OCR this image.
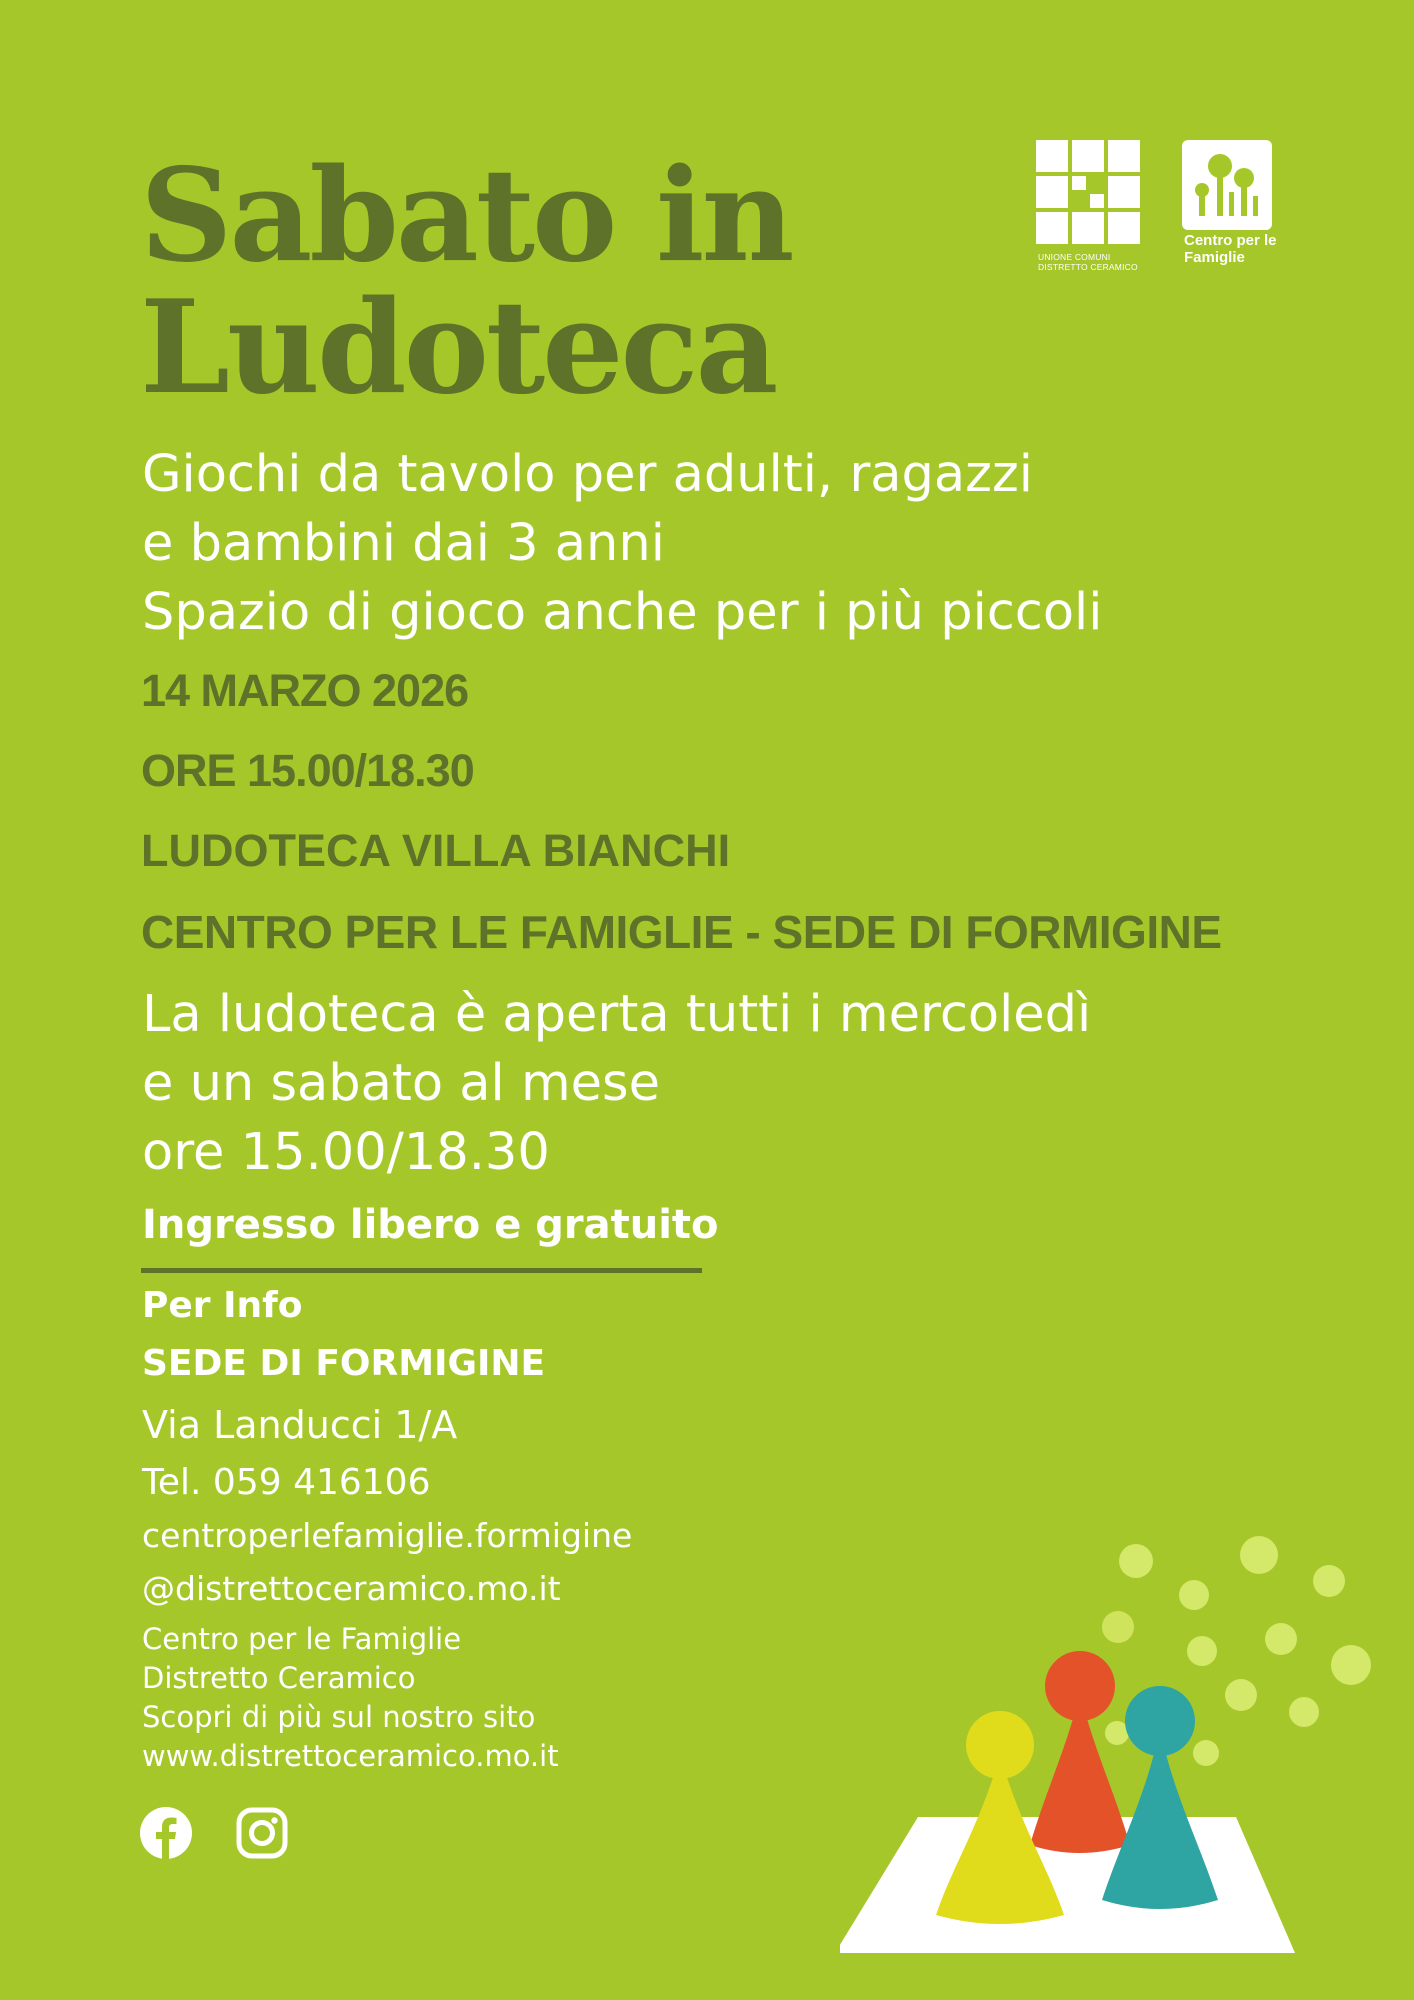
Sabato in
Ludoteca
UNIONE COMUNI
DISTRETTO CERAMICO
Centro per le
Famiglie
Giochi da tavolo per adulti, ragazzi
e bambini dai 3 anni
Spazio di gioco anche per i più piccoli
14 MARZO 2026
ORE 15.00/18.30
LUDOTECA VILLA BIANCHI
CENTRO PER LE FAMIGLIE - SEDE DI FORMIGINE
La ludoteca è aperta tutti i mercoledì
e un sabato al mese
ore 15.00/18.30
Ingresso libero e gratuito
Per Info
SEDE DI FORMIGINE
Via Landucci 1/A
Tel. 059 416106
centroperlefamiglie.formigine
@distrettoceramico.mo.it
Centro per le Famiglie
Distretto Ceramico
Scopri di più sul nostro sito
www.distrettoceramico.mo.it
